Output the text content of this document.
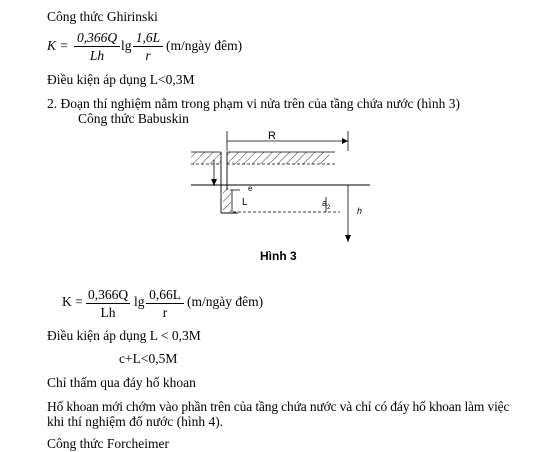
Công thức Ghirinski
$K = \frac{0,366Q}{Lh}$ $\lg \frac{1,6L}{r}$ (m/ngày đêm)
Điều kiện áp dụng L<0,3M
2. Đoạn thí nghiệm nằm trong phạm vi nửa trên của tầng chứa nước (hình 3)
Công thức Babuskin
R
e
L	$a_2$	h
Hình 3
$K = \frac{0,366Q}{Lh}$ $\lg \frac{0,66L}{r}$ (m/ngày đêm)
Điều kiện áp dụng L < 0,3M
c+L<0,5M
Chỉ thấm qua đáy hố khoan
Hố khoan mới chớm vào phần trên của tầng chứa nước và chỉ có đáy hố khoan làm việc
khi thí nghiệm đổ nước (hình 4).
Công thức Forcheimer
